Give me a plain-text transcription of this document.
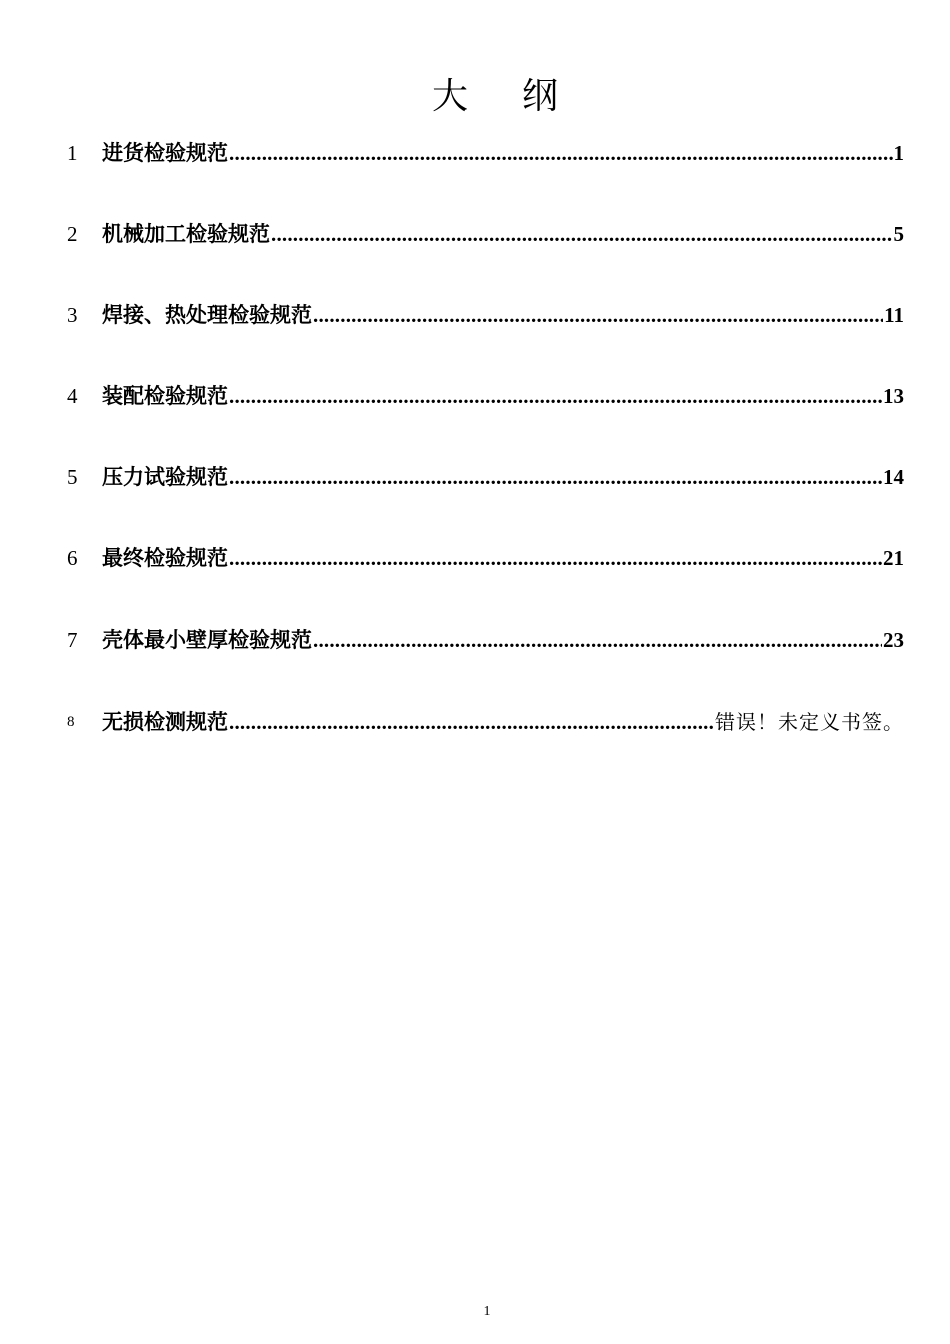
大 纲
1	进货检验规范 .....	1
2	机械加工检验规范 .....	5
3	焊接、热处理检验规范 .....	11
4	装配检验规范 .....	13
5	压力试验规范 .....	14
6	最终检验规范 .....	21
7	壳体最小壁厚检验规范 .....	23
8	无损检测规范 .....	错误！未定义书签。
1
